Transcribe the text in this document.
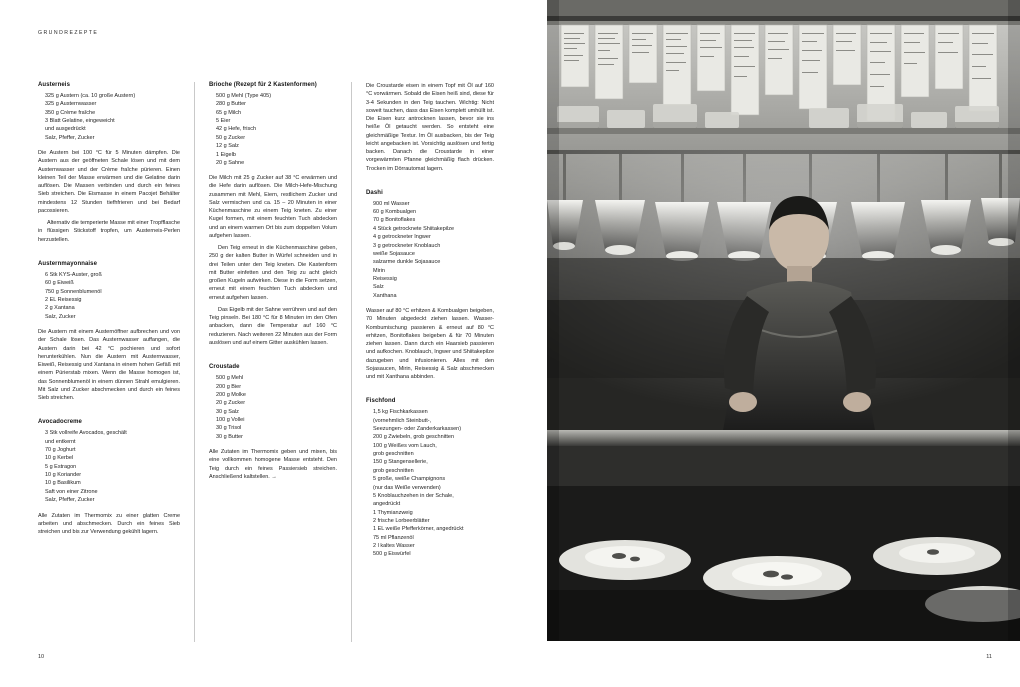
GRUNDREZEPTE
Austerneis
325 g Austern (ca. 10 große Austern)
325 g Austernwasser
350 g Crème fraîche
3 Blatt Gelatine, eingeweicht
und ausgedrückt
Salz, Pfeffer, Zucker
Die Austern bei 100 °C für 5 Minuten dämpfen. Die Austern aus der geöffneten Schale lösen und mit dem Austernwasser und der Crème fraîche pürieren. Einen kleinen Teil der Masse erwärmen und die Gelatine darin auflösen. Die Massen verbinden und durch ein feines Sieb streichen. Die Eismasse in einem Pacojet Behälter mindestens 12 Stunden tiefhfrieren und bei Bedarf pacossieren.
Alternativ die temperierte Masse mit einer Tropfflasche in flüssigen Stickstoff tropfen, um Austerneis-Perlen herzustellen.
Austernmayonnaise
6 Stk KYS-Auster, groß
60 g Eiweiß
750 g Sonnenblumenöl
2 EL Reisessig
2 g Xantana
Salz, Zucker
Die Austern mit einem Austernöffner aufbrechen und von der Schale lösen. Das Austernwasser auffangen, die Austern darin bei 42 °C pochieren und sofort herunterkühlen. Nun die Austern mit Austernwasser, Eiweiß, Reisessig und Xantana in einem hohen Gefäß mit einem Pürierstab mixen. Wenn die Masse homogen ist, das Sonnenblumenöl in einem dünnen Strahl emulgieren. Mit Salz und Zucker abschmecken und durch ein feines Sieb streichen.
Avocadocreme
3 Stk vollreife Avocados, geschält
und entkernt
70 g Joghurt
10 g Kerbel
5 g Estragon
10 g Koriander
10 g Basilikum
Saft von einer Zitrone
Salz, Pfeffer, Zucker
Alle Zutaten im Thermomix zu einer glatten Creme arbeiten und abschmecken. Durch ein feines Sieb streichen und bis zur Verwendung gekühlt lagern.
Brioche (Rezept für 2 Kastenformen)
500 g Mehl (Type 405)
280 g Butter
65 g Milch
5 Eier
42 g Hefe, frisch
50 g Zucker
12 g Salz
1 Eigelb
20 g Sahne
Die Milch mit 25 g Zucker auf 38 °C erwärmen und die Hefe darin auflösen. Die Milch-Hefe-Mischung zusammen mit Mehl, Eiern, restlichem Zucker und Salz vermischen und ca. 15 – 20 Minuten in einer Küchenmaschine zu einem Teig kneten. Zu einer Kugel formen, mit einem feuchten Tuch abdecken und an einem warmen Ort bis zum doppelten Volum aufgehen lassen.
Den Teig erneut in die Küchenmaschine geben, 250 g der kalten Butter in Würfel schneiden und in drei Teilen unter den Teig kneten. Die Kastenform mit Butter einfetten und den Teig zu acht gleich großen Kugeln aufwirken. Diese in die Form setzen, erneut mit einem feuchten Tuch abdecken und erneut aufgehen lassen.
Das Eigelb mit der Sahne verrühren und auf den Teig pinseln. Bei 180 °C für 8 Minuten im den Ofen anbacken, dann die Temperatur auf 160 °C reduzieren. Nach weiteren 22 Minuten aus der Form auslösen und auf einem Gitter auskühlen lassen.
Croustade
500 g Mehl
200 g Bier
200 g Molke
20 g Zucker
30 g Salz
100 g Vollei
30 g Trisol
30 g Butter
Alle Zutaten im Thermomix geben und mixen, bis eine vollkommen homogene Masse entsteht. Den Teig durch ein feines Passiersieb streichen. Anschließend kaltstellen. →
Die Croustarde eisen in einem Topf mit Öl auf 160 °C vorwärmen. Sobald die Eisen heiß sind, diese für 3-4 Sekunden in den Teig tauchen. Wichtig: Nicht soweit tauchen, dass das Eisen komplett umhüllt ist. Die Eisen kurz antrocknen lassen, bevor sie ins heiße Öl getaucht werden. So entsteht eine gleichmäßige Textur. Im Öl ausbacken, bis der Teig leicht angebacken ist. Vorsichtig auslösen und fertig backen. Danach die Croustarde in einer vorgewärmten Pfanne gleichmäßig flach drücken. Trocken im Dörrautomat lagern.
Dashi
900 ml Wasser
60 g Kombualgen
70 g Bonitoflakes
4 Stück getrocknete Shiitakepilze
4 g getrockneter Ingwer
3 g getrockneter Knoblauch
weiße Sojasauce
salzarme dunkle Sojasauce
Mirin
Reisessig
Salz
Xanthana
Wasser auf 80 °C erhitzen & Kombualgen beigeben, 70 Minuten abgedeckt ziehen lassen. Wasser-Kombumischung passieren & erneut auf 80 °C erhitzen, Bonitoflakes beigeben & für 70 Minuten ziehen lassen. Dann durch ein Haarsieb passieren und aufkochen. Knoblauch, Ingwer und Shiitakepilze dazugeben und infusionieren. Alles mit den Sojasaucen, Mirin, Reisessig & Salz abschmecken und mit Xanthana abbinden.
Fischfond
1,5 kg Fischkarkassen
(vornehmlich Steinbutt-,
Seezungen- oder Zanderkarkassen)
200 g Zwiebeln, grob geschnitten
100 g Weißes vom Lauch,
grob geschnitten
150 g Stangensellerie,
grob geschnitten
5 große, weiße Champignons
(nur das Weiße verwenden)
5 Knoblauchzehen in der Schale,
angedrückt
1 Thymianzweig
2 frische Lorbeerblätter
1 EL weiße Pfefferkörner, angedrückt
75 ml Pflanzenöl
2 l kaltes Wasser
500 g Eiswürfel
10	11
